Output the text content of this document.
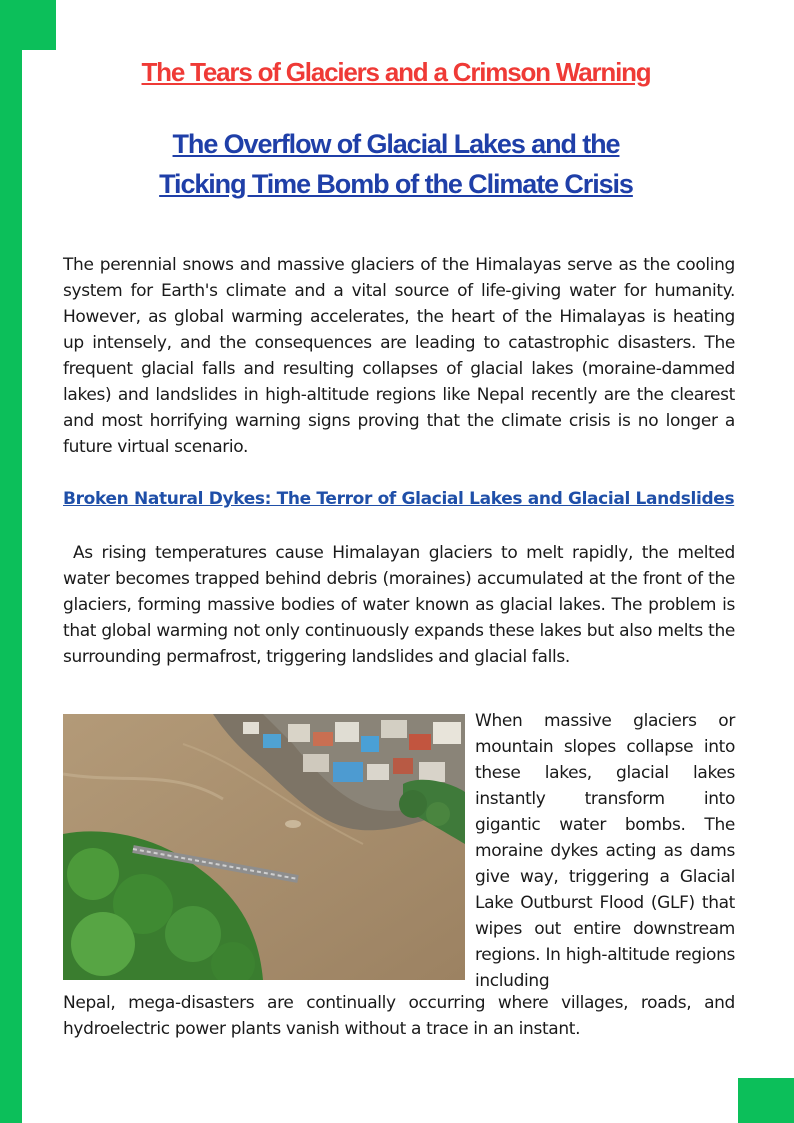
The Tears of Glaciers and a Crimson Warning
The Overflow of Glacial Lakes and the
Ticking Time Bomb of the Climate Crisis

The perennial snows and massive glaciers of the Himalayas serve as the cooling system for Earth's climate and a vital source of life-giving water for humanity. However, as global warming accelerates, the heart of the Himalayas is heating up intensely, and the consequences are leading to catastrophic disasters. The frequent glacial falls and resulting collapses of glacial lakes (moraine-dammed lakes) and landslides in high-altitude regions like Nepal recently are the clearest and most horrifying warning signs proving that the climate crisis is no longer a future virtual scenario.

Broken Natural Dykes: The Terror of Glacial Lakes and Glacial Landslides

As rising temperatures cause Himalayan glaciers to melt rapidly, the melted water becomes trapped behind debris (moraines) accumulated at the front of the glaciers, forming massive bodies of water known as glacial lakes. The problem is that global warming not only continuously expands these lakes but also melts the surrounding permafrost, triggering landslides and glacial falls.

When massive glaciers or mountain slopes collapse into these lakes, glacial lakes instantly transform into gigantic water bombs. The moraine dykes acting as dams give way, triggering a Glacial Lake Outburst Flood (GLF) that wipes out entire downstream regions. In high-altitude regions including

Nepal, mega-disasters are continually occurring where villages, roads, and hydroelectric power plants vanish without a trace in an instant.
